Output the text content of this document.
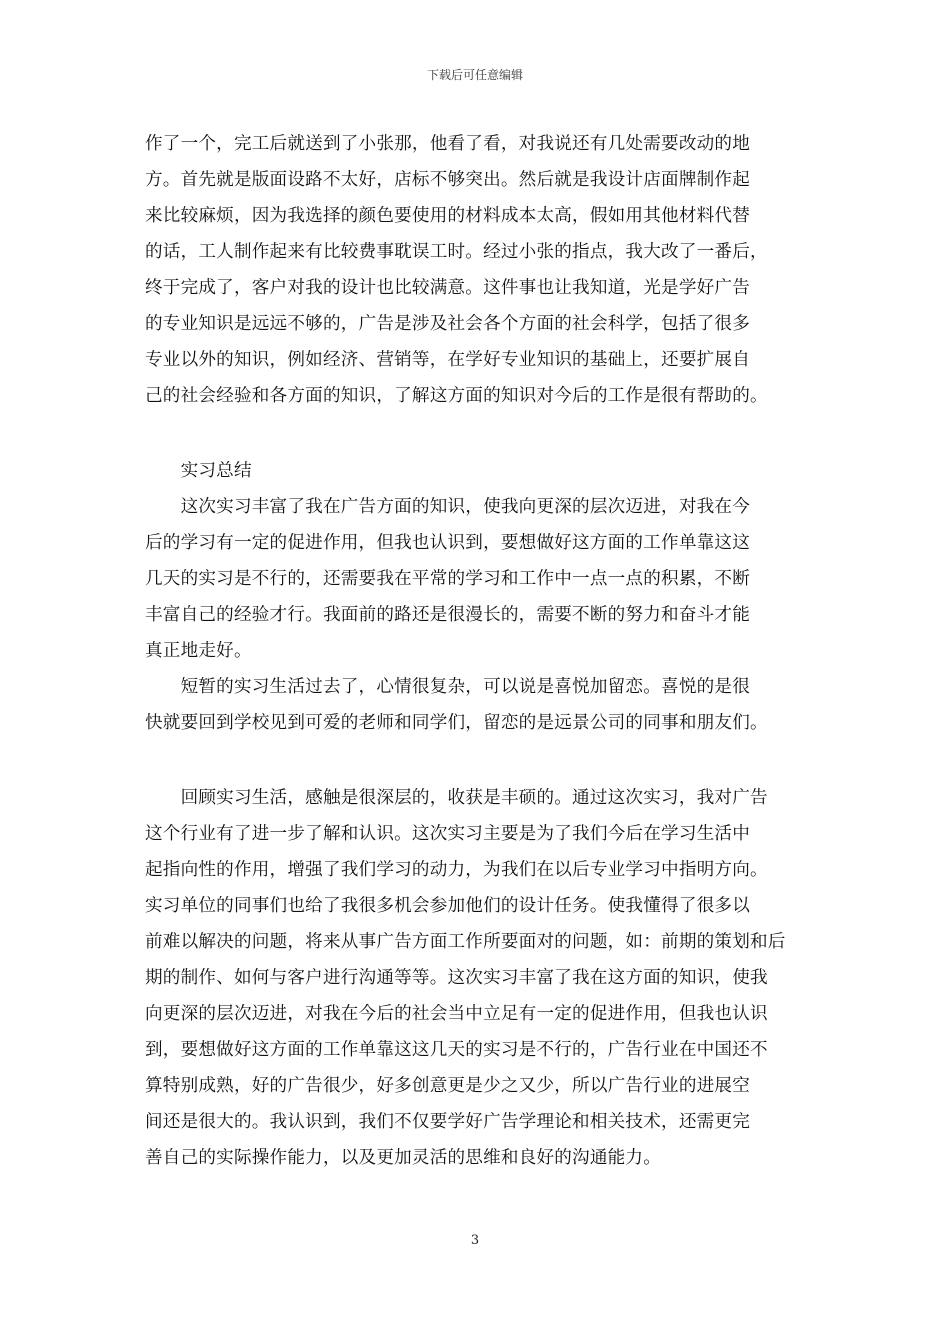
下载后可任意编辑
作了一个，完工后就送到了小张那，他看了看，对我说还有几处需要改动的地
方。首先就是版面设路不太好，店标不够突出。然后就是我设计店面牌制作起
来比较麻烦，因为我选择的颜色要使用的材料成本太高，假如用其他材料代替
的话，工人制作起来有比较费事耽误工时。经过小张的指点，我大改了一番后，
终于完成了，客户对我的设计也比较满意。这件事也让我知道，光是学好广告
的专业知识是远远不够的，广告是涉及社会各个方面的社会科学，包括了很多
专业以外的知识，例如经济、营销等，在学好专业知识的基础上，还要扩展自
己的社会经验和各方面的知识，了解这方面的知识对今后的工作是很有帮助的。
　　实习总结
　　这次实习丰富了我在广告方面的知识，使我向更深的层次迈进，对我在今
后的学习有一定的促进作用，但我也认识到，要想做好这方面的工作单靠这这
几天的实习是不行的，还需要我在平常的学习和工作中一点一点的积累，不断
丰富自己的经验才行。我面前的路还是很漫长的，需要不断的努力和奋斗才能
真正地走好。
　　短暂的实习生活过去了，心情很复杂，可以说是喜悦加留恋。喜悦的是很
快就要回到学校见到可爱的老师和同学们，留恋的是远景公司的同事和朋友们。
　　回顾实习生活，感触是很深层的，收获是丰硕的。通过这次实习，我对广告
这个行业有了进一步了解和认识。这次实习主要是为了我们今后在学习生活中
起指向性的作用，增强了我们学习的动力，为我们在以后专业学习中指明方向。
实习单位的同事们也给了我很多机会参加他们的设计任务。使我懂得了很多以
前难以解决的问题，将来从事广告方面工作所要面对的问题，如：前期的策划和后
期的制作、如何与客户进行沟通等等。这次实习丰富了我在这方面的知识，使我
向更深的层次迈进，对我在今后的社会当中立足有一定的促进作用，但我也认识
到，要想做好这方面的工作单靠这这几天的实习是不行的，广告行业在中国还不
算特别成熟，好的广告很少，好多创意更是少之又少，所以广告行业的进展空
间还是很大的。我认识到，我们不仅要学好广告学理论和相关技术，还需更完
善自己的实际操作能力，以及更加灵活的思维和良好的沟通能力。
3
